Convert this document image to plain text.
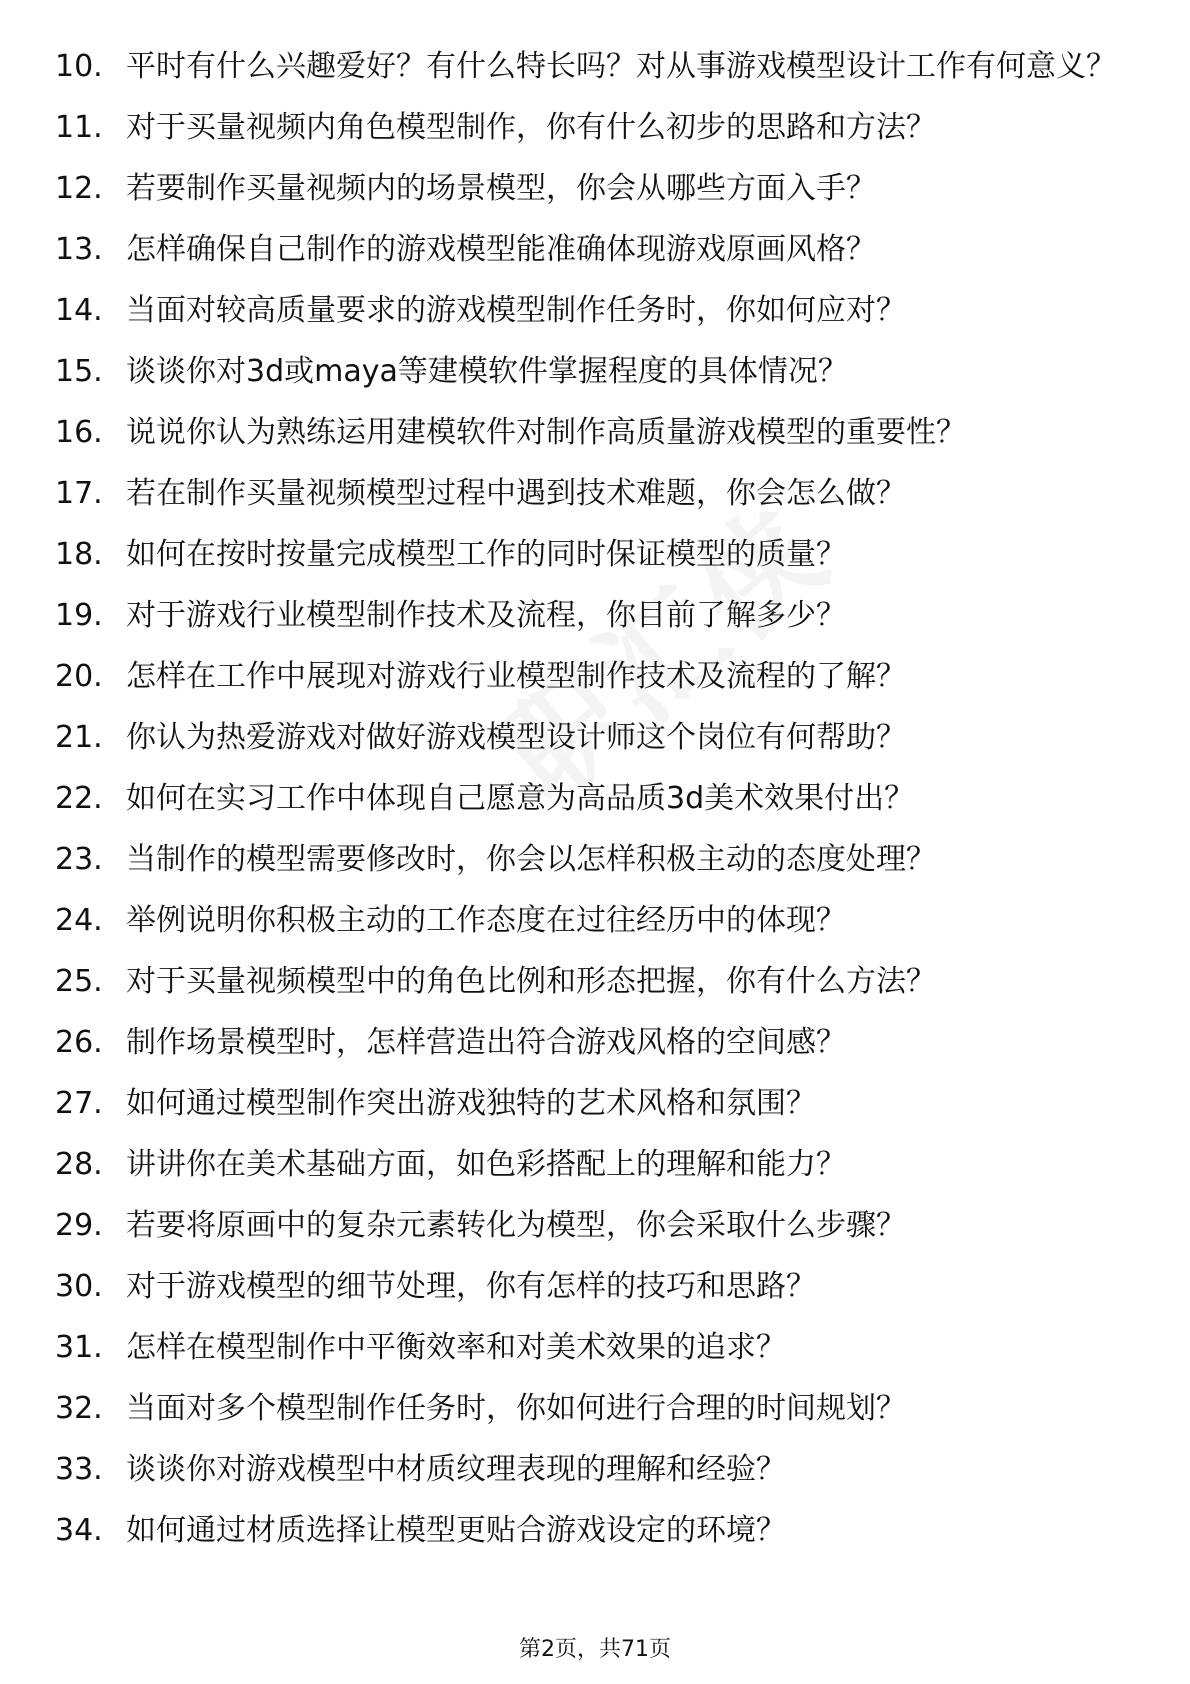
10. 平时有什么兴趣爱好？有什么特长吗？对从事游戏模型设计工作有何意义？
11. 对于买量视频内角色模型制作，你有什么初步的思路和方法？
12. 若要制作买量视频内的场景模型，你会从哪些方面入手？
13. 怎样确保自己制作的游戏模型能准确体现游戏原画风格？
14. 当面对较高质量要求的游戏模型制作任务时，你如何应对？
15. 谈谈你对3d或maya等建模软件掌握程度的具体情况？
16. 说说你认为熟练运用建模软件对制作高质量游戏模型的重要性？
17. 若在制作买量视频模型过程中遇到技术难题，你会怎么做？
18. 如何在按时按量完成模型工作的同时保证模型的质量？
19. 对于游戏行业模型制作技术及流程，你目前了解多少？
20. 怎样在工作中展现对游戏行业模型制作技术及流程的了解？
21. 你认为热爱游戏对做好游戏模型设计师这个岗位有何帮助？
22. 如何在实习工作中体现自己愿意为高品质3d美术效果付出？
23. 当制作的模型需要修改时，你会以怎样积极主动的态度处理？
24. 举例说明你积极主动的工作态度在过往经历中的体现？
25. 对于买量视频模型中的角色比例和形态把握，你有什么方法？
26. 制作场景模型时，怎样营造出符合游戏风格的空间感？
27. 如何通过模型制作突出游戏独特的艺术风格和氛围？
28. 讲讲你在美术基础方面，如色彩搭配上的理解和能力？
29. 若要将原画中的复杂元素转化为模型，你会采取什么步骤？
30. 对于游戏模型的细节处理，你有怎样的技巧和思路？
31. 怎样在模型制作中平衡效率和对美术效果的追求？
32. 当面对多个模型制作任务时，你如何进行合理的时间规划？
33. 谈谈你对游戏模型中材质纹理表现的理解和经验？
34. 如何通过材质选择让模型更贴合游戏设定的环境？
第2页，共71页
